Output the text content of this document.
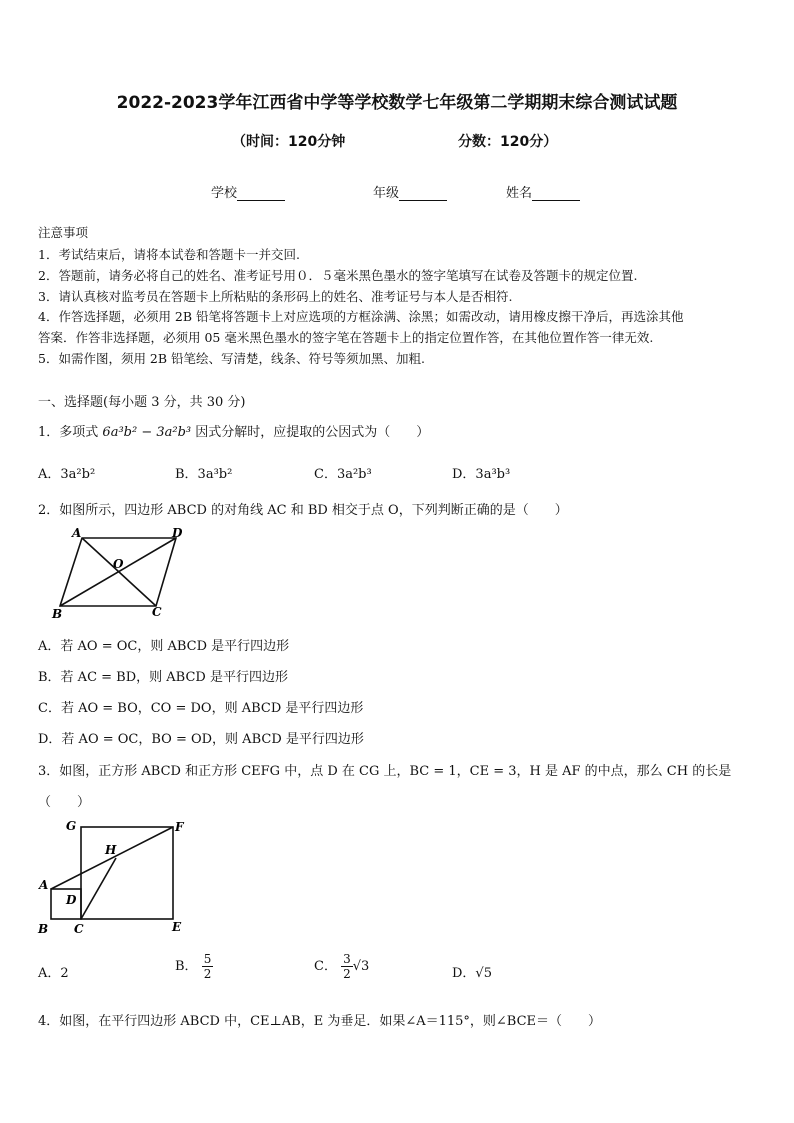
2022-2023学年江西省中学等学校数学七年级第二学期期末综合测试试题
（时间：120分钟	分数：120分）
学校	年级	姓名
注意事项
1．考试结束后，请将本试卷和答题卡一并交回.
2．答题前，请务必将自己的姓名、准考证号用０．５毫米黑色墨水的签字笔填写在试卷及答题卡的规定位置.
3．请认真核对监考员在答题卡上所粘贴的条形码上的姓名、准考证号与本人是否相符.
4．作答选择题，必须用 2B 铅笔将答题卡上对应选项的方框涂满、涂黑；如需改动，请用橡皮擦干净后，再选涂其他
答案．作答非选择题，必须用 05 毫米黑色墨水的签字笔在答题卡上的指定位置作答，在其他位置作答一律无效.
5．如需作图，须用 2B 铅笔绘、写清楚，线条、符号等须加黑、加粗.
一、选择题(每小题 3 分，共 30 分)
1．多项式 6a³b² − 3a²b³ 因式分解时，应提取的公因式为（　　）
A．3a²b²	B．3a³b²	C．3a²b³	D．3a³b³
2．如图所示，四边形 ABCD 的对角线 AC 和 BD 相交于点 O，下列判断正确的是（　　）
A	D
O
B	C
A．若 AO = OC，则 ABCD 是平行四边形
B．若 AC = BD，则 ABCD 是平行四边形
C．若 AO = BO，CO = DO，则 ABCD 是平行四边形
D．若 AO = OC，BO = OD，则 ABCD 是平行四边形
3．如图，正方形 ABCD 和正方形 CEFG 中，点 D 在 CG 上，BC = 1，CE = 3，H 是 AF 的中点，那么 CH 的长是
（　　）
G	F
H
A
D
B C	E
A．2	B． $\frac{5}{2}$	C． $\frac{3}{2} √3$	D．√5
4．如图，在平行四边形 ABCD 中，CE⊥AB，E 为垂足．如果∠A＝115°，则∠BCE＝（　　）
